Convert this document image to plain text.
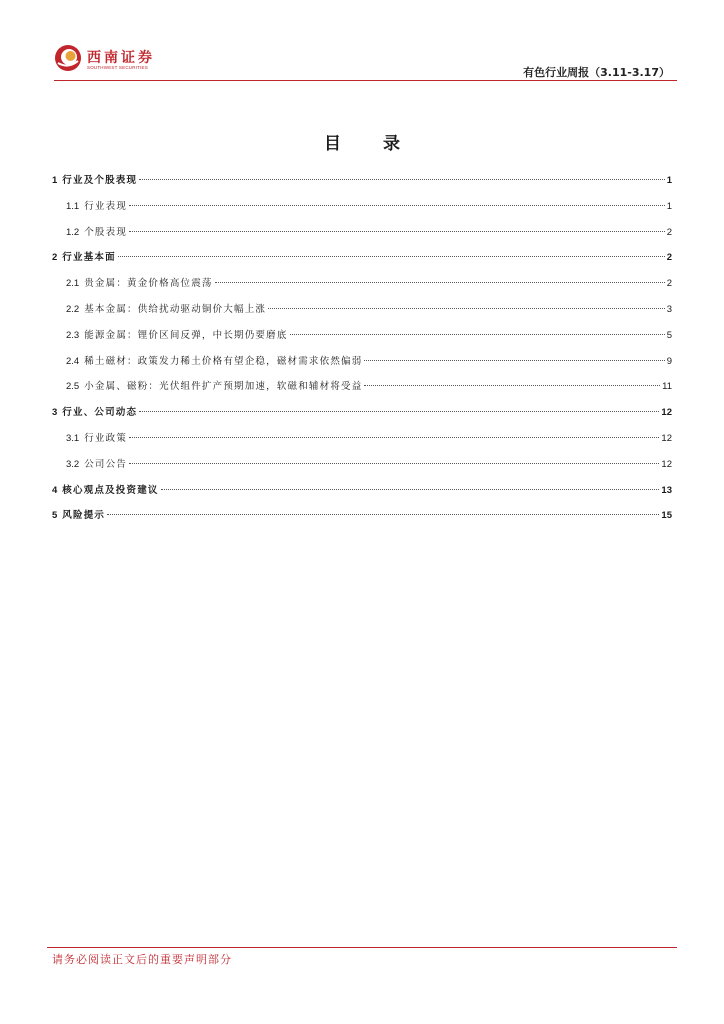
西南证券
SOUTHWEST SECURITIES	有色行业周报（3.11-3.17）
目 录
1 行业及个股表现	1
1.1 行业表现	1
1.2 个股表现	2
2 行业基本面	2
2.1 贵金属：黄金价格高位震荡	2
2.2 基本金属：供给扰动驱动铜价大幅上涨	3
2.3 能源金属：锂价区间反弹，中长期仍要磨底	5
2.4 稀土磁材：政策发力稀土价格有望企稳，磁材需求依然偏弱	9
2.5 小金属、磁粉：光伏组件扩产预期加速，软磁和辅材将受益	11
3 行业、公司动态	12
3.1 行业政策	12
3.2 公司公告	12
4 核心观点及投资建议	13
5 风险提示	15
请务必阅读正文后的重要声明部分
